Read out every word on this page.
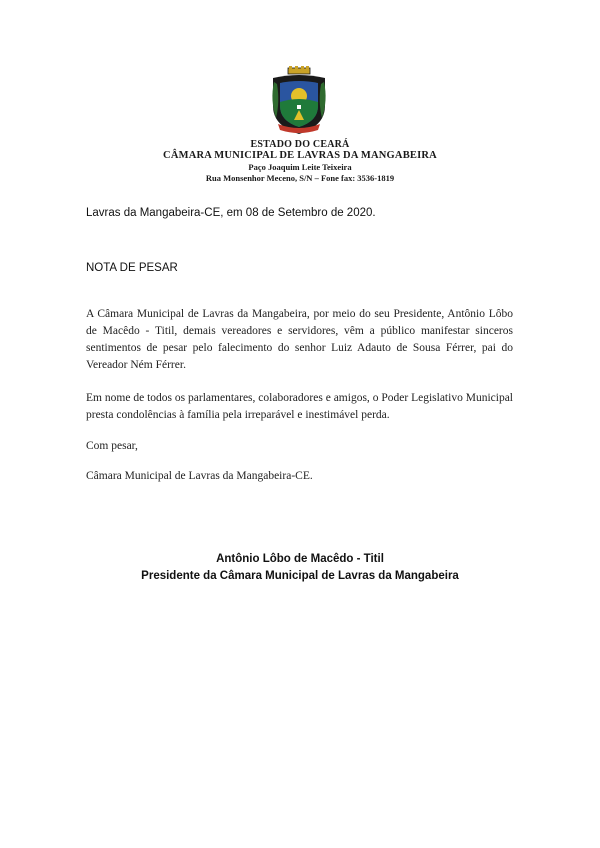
ESTADO DO CEARÁ
CÂMARA MUNICIPAL DE LAVRAS DA MANGABEIRA
Paço Joaquim Leite Teixeira
Rua Monsenhor Meceno, S/N – Fone fax: 3536-1819
Lavras da Mangabeira-CE, em 08 de Setembro de 2020.
NOTA DE PESAR

A Câmara Municipal de Lavras da Mangabeira, por meio do seu Presidente, Antônio Lôbo de Macêdo - Titil, demais vereadores e servidores, vêm a público manifestar sinceros sentimentos de pesar pelo falecimento do senhor Luiz Adauto de Sousa Férrer, pai do Vereador Ném Férrer.

Em nome de todos os parlamentares, colaboradores e amigos, o Poder Legislativo Municipal presta condolências à família pela irreparável e inestimável perda.

Com pesar,

Câmara Municipal de Lavras da Mangabeira-CE.

Antônio Lôbo de Macêdo - Titil
Presidente da Câmara Municipal de Lavras da Mangabeira
